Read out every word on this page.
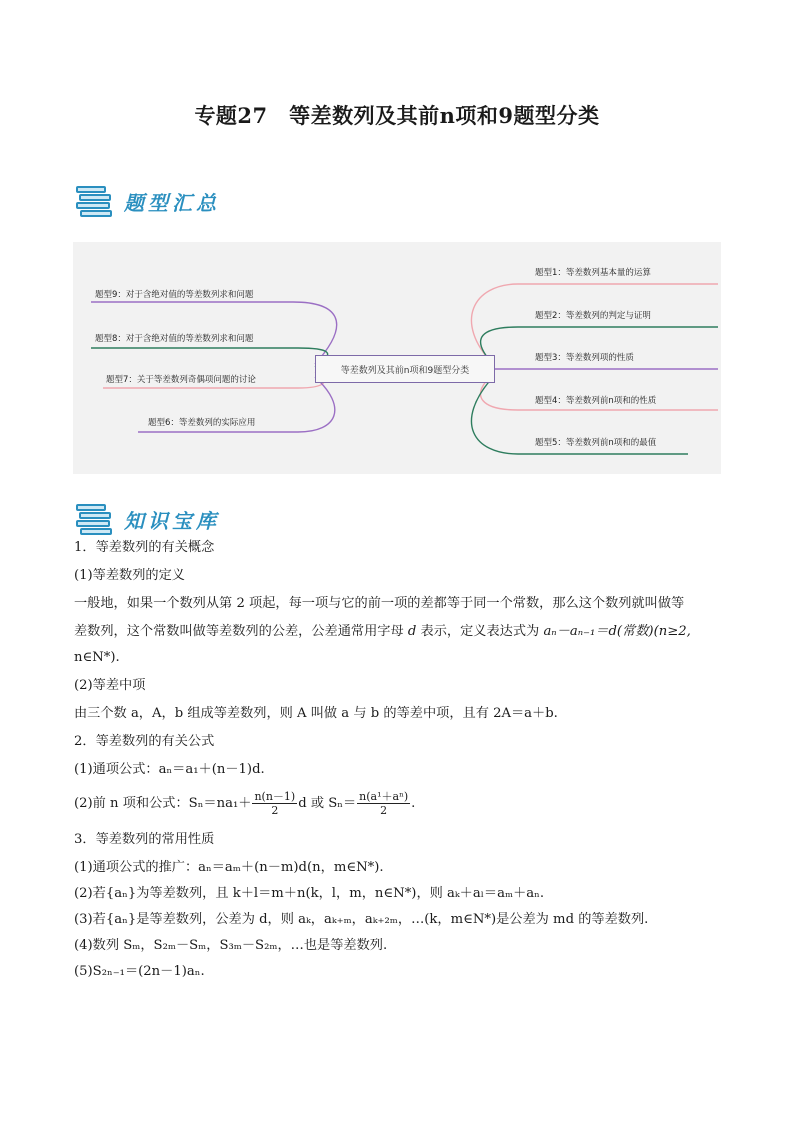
专题27　等差数列及其前n项和9题型分类
题型汇总
等差数列及其前n项和9题型分类
题型1：等差数列基本量的运算
题型2：等差数列的判定与证明
题型3：等差数列项的性质
题型4：等差数列前n项和的性质
题型5：等差数列前n项和的最值
题型9：对于含绝对值的等差数列求和问题
题型8：对于含绝对值的等差数列求和问题
题型7：关于等差数列奇偶项问题的讨论
题型6：等差数列的实际应用
知识宝库
1．等差数列的有关概念
(1)等差数列的定义
一般地，如果一个数列从第 2 项起，每一项与它的前一项的差都等于同一个常数，那么这个数列就叫做等
差数列，这个常数叫做等差数列的公差，公差通常用字母 d 表示，定义表达式为 aₙ－aₙ₋₁＝d(常数)(n≥2,
n∈N*).
(2)等差中项
由三个数 a，A，b 组成等差数列，则 A 叫做 a 与 b 的等差中项，且有 2A＝a＋b.
2．等差数列的有关公式
(1)通项公式：aₙ＝a₁＋(n－1)d.
(2)前 n 项和公式：$S_n=na_1+ \frac{n(n-1)}{2}$ d 或 $S_n= \frac{\text{n(a¹＋aⁿ)}}{2}$ .
3．等差数列的常用性质
(1)通项公式的推广：aₙ＝aₘ＋(n－m)d(n，m∈N*).
(2)若{aₙ}为等差数列，且 k＋l＝m＋n(k，l，m，n∈N*)，则 aₖ＋aₗ＝aₘ＋aₙ.
(3)若{aₙ}是等差数列，公差为 d，则 aₖ，aₖ₊ₘ，aₖ₊₂ₘ，…(k，m∈N*)是公差为 md 的等差数列.
(4)数列 Sₘ，S₂ₘ－Sₘ，S₃ₘ－S₂ₘ，…也是等差数列.
(5)S₂ₙ₋₁＝(2n－1)aₙ.
